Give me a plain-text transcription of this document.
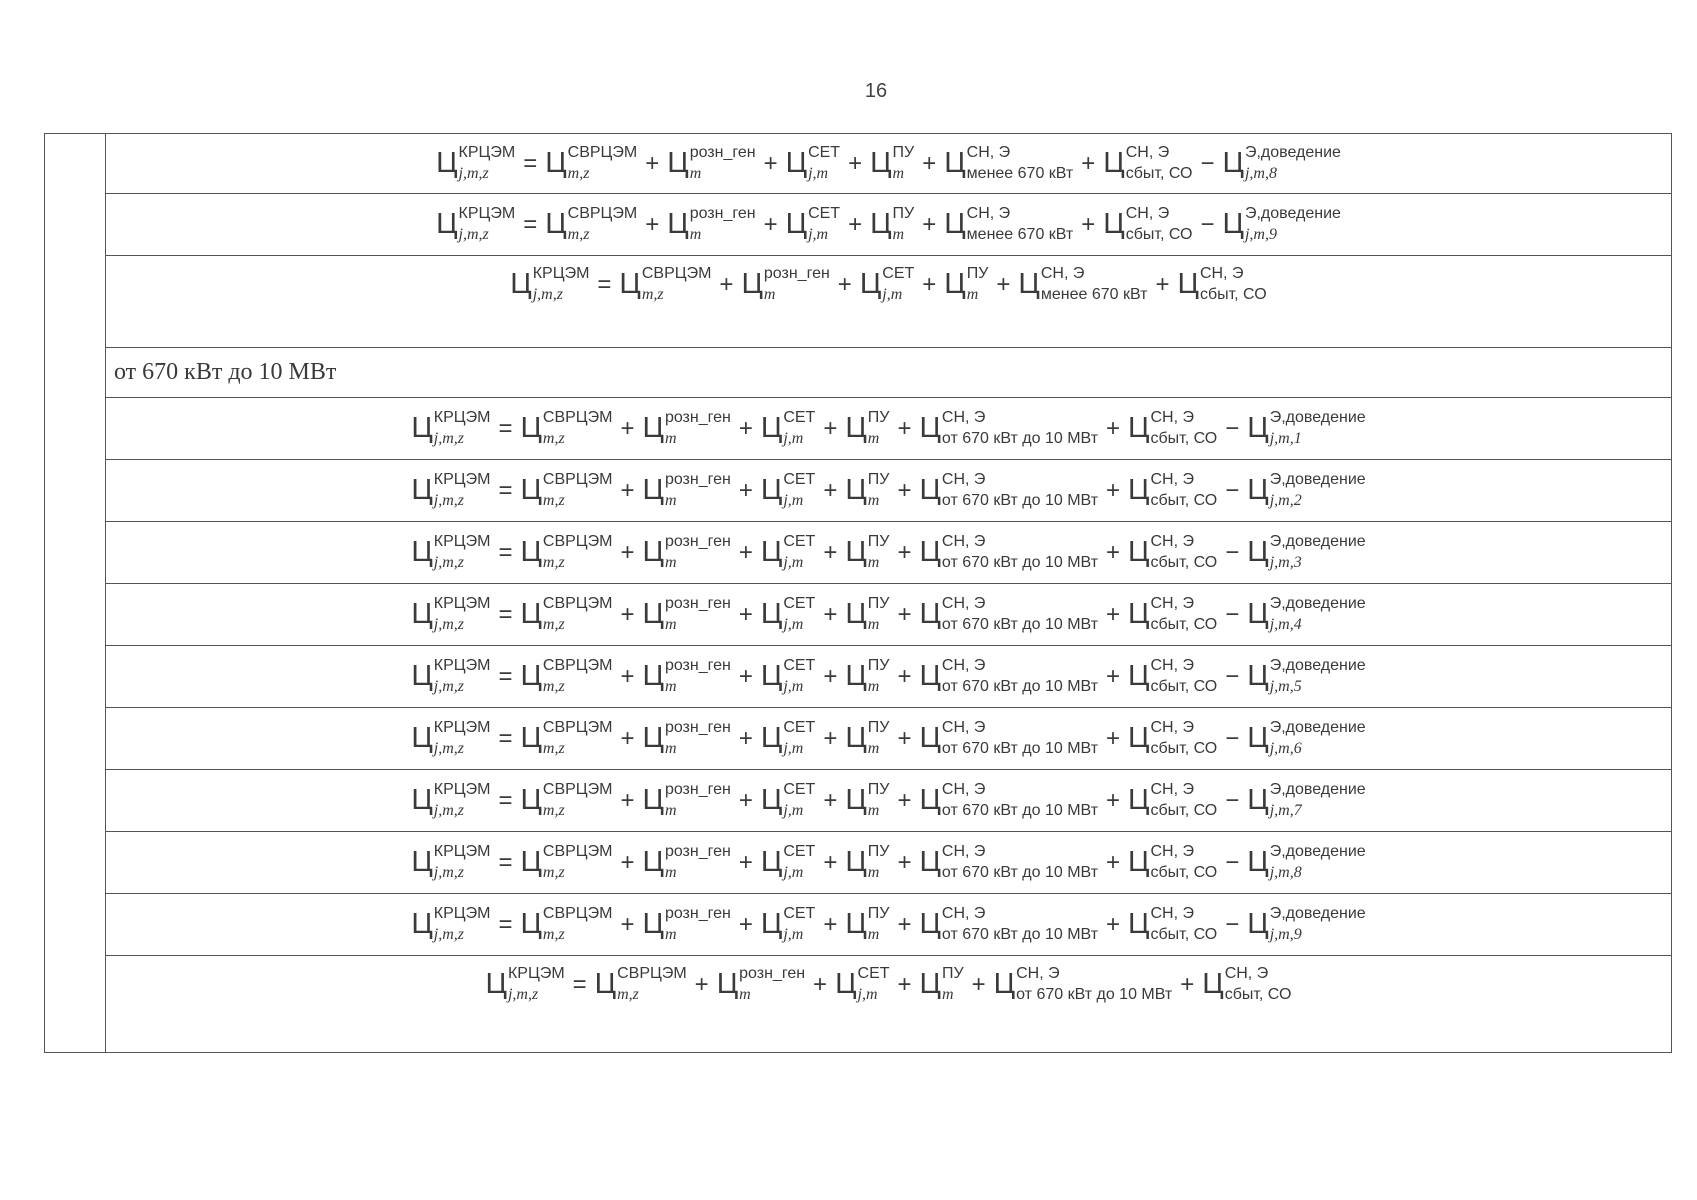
16
Ц КРЦЭМ
j,m,z	= Ц СВРЦЭМ
m,z	+ Ц розн_ген
m	+ Ц СЕТ
j,m + Ц ПУ
m + Ц СН, Э
менее 670 кВт + Ц СН, Э
сбыт, СО − Ц Э,доведение
j,m,8
Ц КРЦЭМ
j,m,z	= Ц СВРЦЭМ
m,z	+ Ц розн_ген
m	+ Ц СЕТ
j,m + Ц ПУ
m + Ц СН, Э
менее 670 кВт + Ц СН, Э
сбыт, СО − Ц Э,доведение
j,m,9
Ц КРЦЭМ
j,m,z	= Ц СВРЦЭМ
m,z	+ Ц розн_ген
m	+ Ц СЕТ
j,m + Ц ПУ
m + Ц СН, Э
менее 670 кВт + Ц СН, Э
сбыт, СО
от 670 кВт до 10 МВт
Ц КРЦЭМ
j,m,z	= Ц СВРЦЭМ
m,z	+ Ц розн_ген
m	+ Ц СЕТ
j,m + Ц ПУ
m + Ц СН, Э
от 670 кВт до 10 МВт + Ц СН, Э
сбыт, СО − Ц Э,доведение
j,m,1
Ц КРЦЭМ
j,m,z	= Ц СВРЦЭМ
m,z	+ Ц розн_ген
m	+ Ц СЕТ
j,m + Ц ПУ
m + Ц СН, Э
от 670 кВт до 10 МВт + Ц СН, Э
сбыт, СО − Ц Э,доведение
j,m,2
Ц КРЦЭМ
j,m,z	= Ц СВРЦЭМ
m,z	+ Ц розн_ген
m	+ Ц СЕТ
j,m + Ц ПУ
m + Ц СН, Э
от 670 кВт до 10 МВт + Ц СН, Э
сбыт, СО − Ц Э,доведение
j,m,3
Ц КРЦЭМ
j,m,z	= Ц СВРЦЭМ
m,z	+ Ц розн_ген
m	+ Ц СЕТ
j,m + Ц ПУ
m + Ц СН, Э
от 670 кВт до 10 МВт + Ц СН, Э
сбыт, СО − Ц Э,доведение
j,m,4
Ц КРЦЭМ
j,m,z	= Ц СВРЦЭМ
m,z	+ Ц розн_ген
m	+ Ц СЕТ
j,m + Ц ПУ
m + Ц СН, Э
от 670 кВт до 10 МВт + Ц СН, Э
сбыт, СО − Ц Э,доведение
j,m,5
Ц КРЦЭМ
j,m,z	= Ц СВРЦЭМ
m,z	+ Ц розн_ген
m	+ Ц СЕТ
j,m + Ц ПУ
m + Ц СН, Э
от 670 кВт до 10 МВт + Ц СН, Э
сбыт, СО − Ц Э,доведение
j,m,6
Ц КРЦЭМ
j,m,z	= Ц СВРЦЭМ
m,z	+ Ц розн_ген
m	+ Ц СЕТ
j,m + Ц ПУ
m + Ц СН, Э
от 670 кВт до 10 МВт + Ц СН, Э
сбыт, СО − Ц Э,доведение
j,m,7
Ц КРЦЭМ
j,m,z	= Ц СВРЦЭМ
m,z	+ Ц розн_ген
m	+ Ц СЕТ
j,m + Ц ПУ
m + Ц СН, Э
от 670 кВт до 10 МВт + Ц СН, Э
сбыт, СО − Ц Э,доведение
j,m,8
Ц КРЦЭМ
j,m,z	= Ц СВРЦЭМ
m,z	+ Ц розн_ген
m	+ Ц СЕТ
j,m + Ц ПУ
m + Ц СН, Э
от 670 кВт до 10 МВт + Ц СН, Э
сбыт, СО − Ц Э,доведение
j,m,9
Ц КРЦЭМ
j,m,z	= Ц СВРЦЭМ
m,z	+ Ц розн_ген
m	+ Ц СЕТ
j,m + Ц ПУ
m + Ц СН, Э
от 670 кВт до 10 МВт + Ц СН, Э
сбыт, СО
